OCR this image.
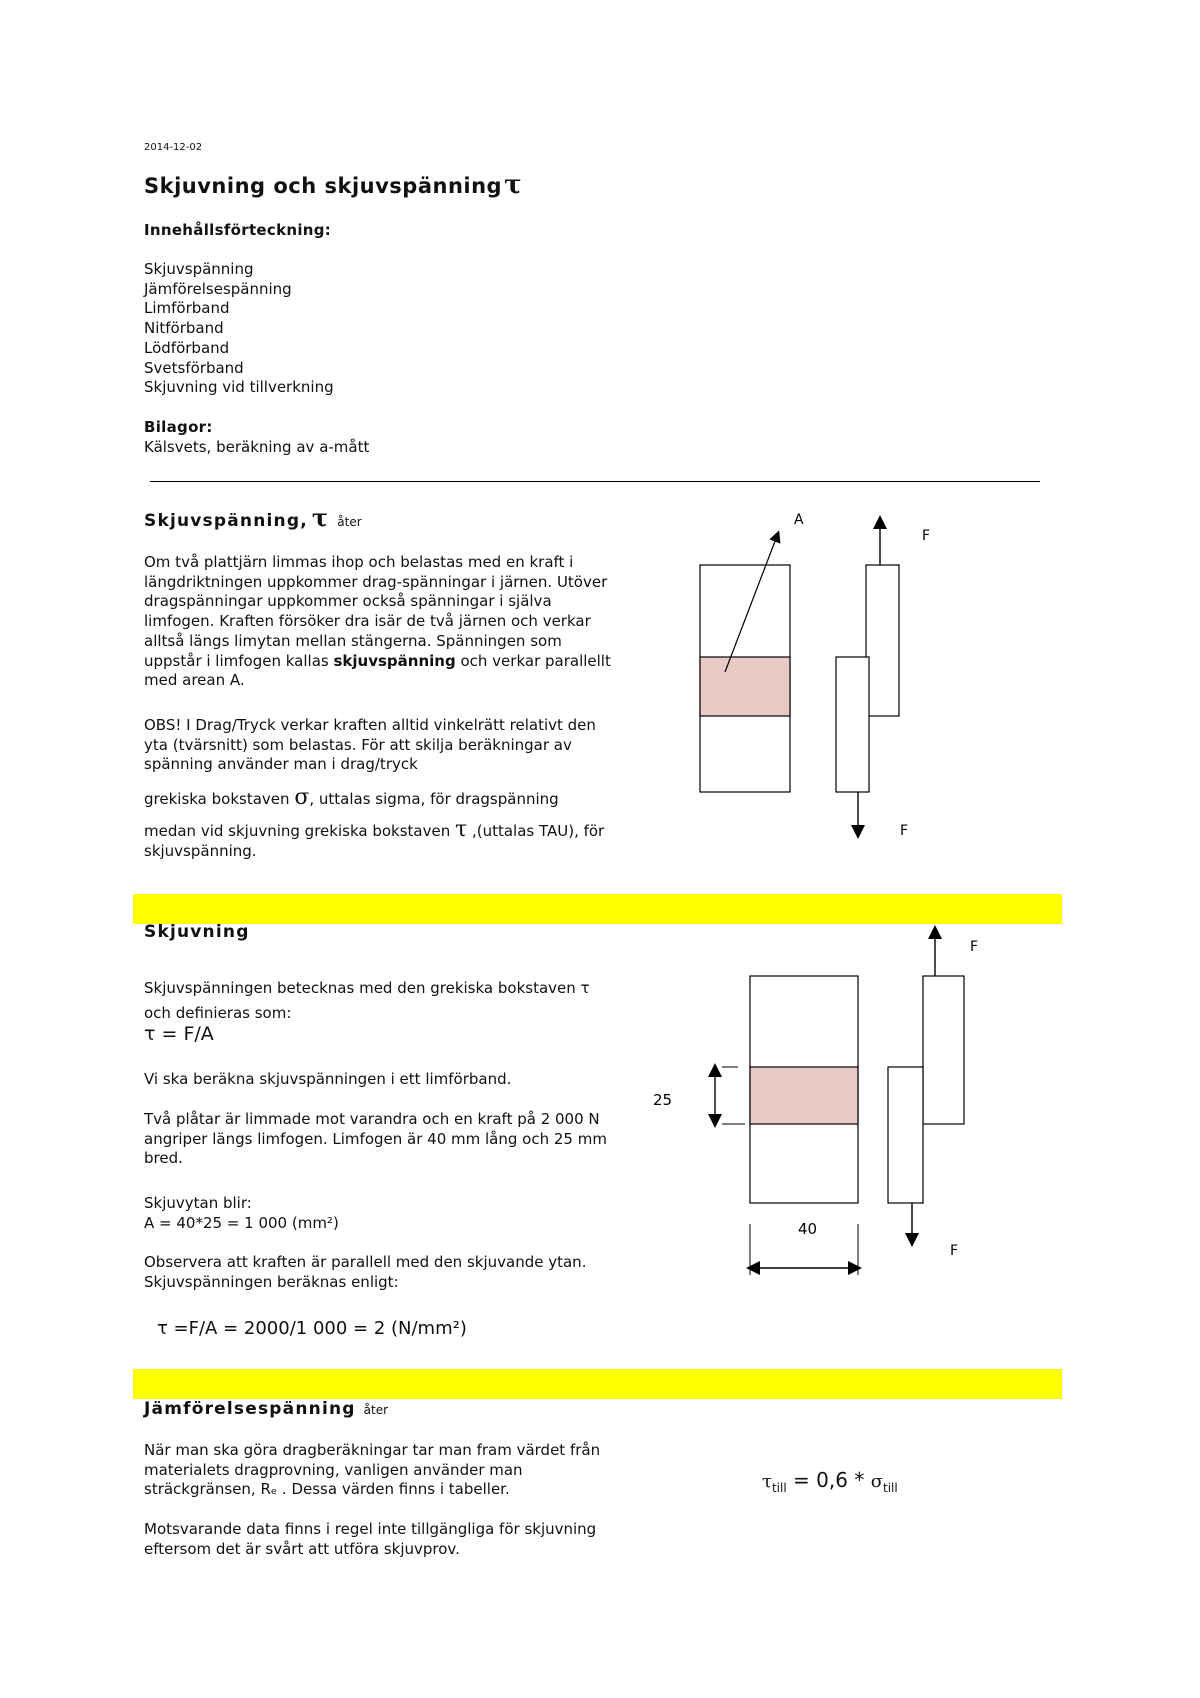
2014-12-02
Skjuvning och skjuvspänningτ
Innehållsförteckning:
Skjuvspänning
Jämförelsespänning
Limförband
Nitförband
Lödförband
Svetsförband
Skjuvning vid tillverkning
Bilagor:
Kälsvets, beräkning av a-mått
Skjuvspänning, τ åter
Om två plattjärn limmas ihop och belastas med en kraft i längdriktningen uppkommer drag-spänningar i järnen. Utöver dragspänningar uppkommer också spänningar i själva limfogen. Kraften försöker dra isär de två järnen och verkar alltså längs limytan mellan stängerna. Spänningen som uppstår i limfogen kallas skjuvspänning och verkar parallellt med arean A.
OBS! I Drag/Tryck verkar kraften alltid vinkelrätt relativt den yta (tvärsnitt) som belastas. För att skilja beräkningar av spänning använder man i drag/tryck
grekiska bokstaven σ, uttalas sigma, för dragspänning
medan vid skjuvning grekiska bokstaven τ ,(uttalas TAU), för skjuvspänning.
A
F
F
Skjuvning
Skjuvspänningen betecknas med den grekiska bokstaven τ och definieras som:
τ = F/A
Vi ska beräkna skjuvspänningen i ett limförband.
Två plåtar är limmade mot varandra och en kraft på 2 000 N angriper längs limfogen. Limfogen är 40 mm lång och 25 mm bred.
Skjuvytan blir:
A = 40*25 = 1 000 (mm²)
Observera att kraften är parallell med den skjuvande ytan. Skjuvspänningen beräknas enligt:
τ =F/A = 2000/1 000 = 2 (N/mm²)
25
40
F
F
Jämförelsespänning åter
När man ska göra dragberäkningar tar man fram värdet från materialets dragprovning, vanligen använder man sträckgränsen, Rₑ . Dessa värden finns i tabeller.
Motsvarande data finns i regel inte tillgängliga för skjuvning eftersom det är svårt att utföra skjuvprov.
$\tau_{till} = 0,6 * \sigma_{till}$
